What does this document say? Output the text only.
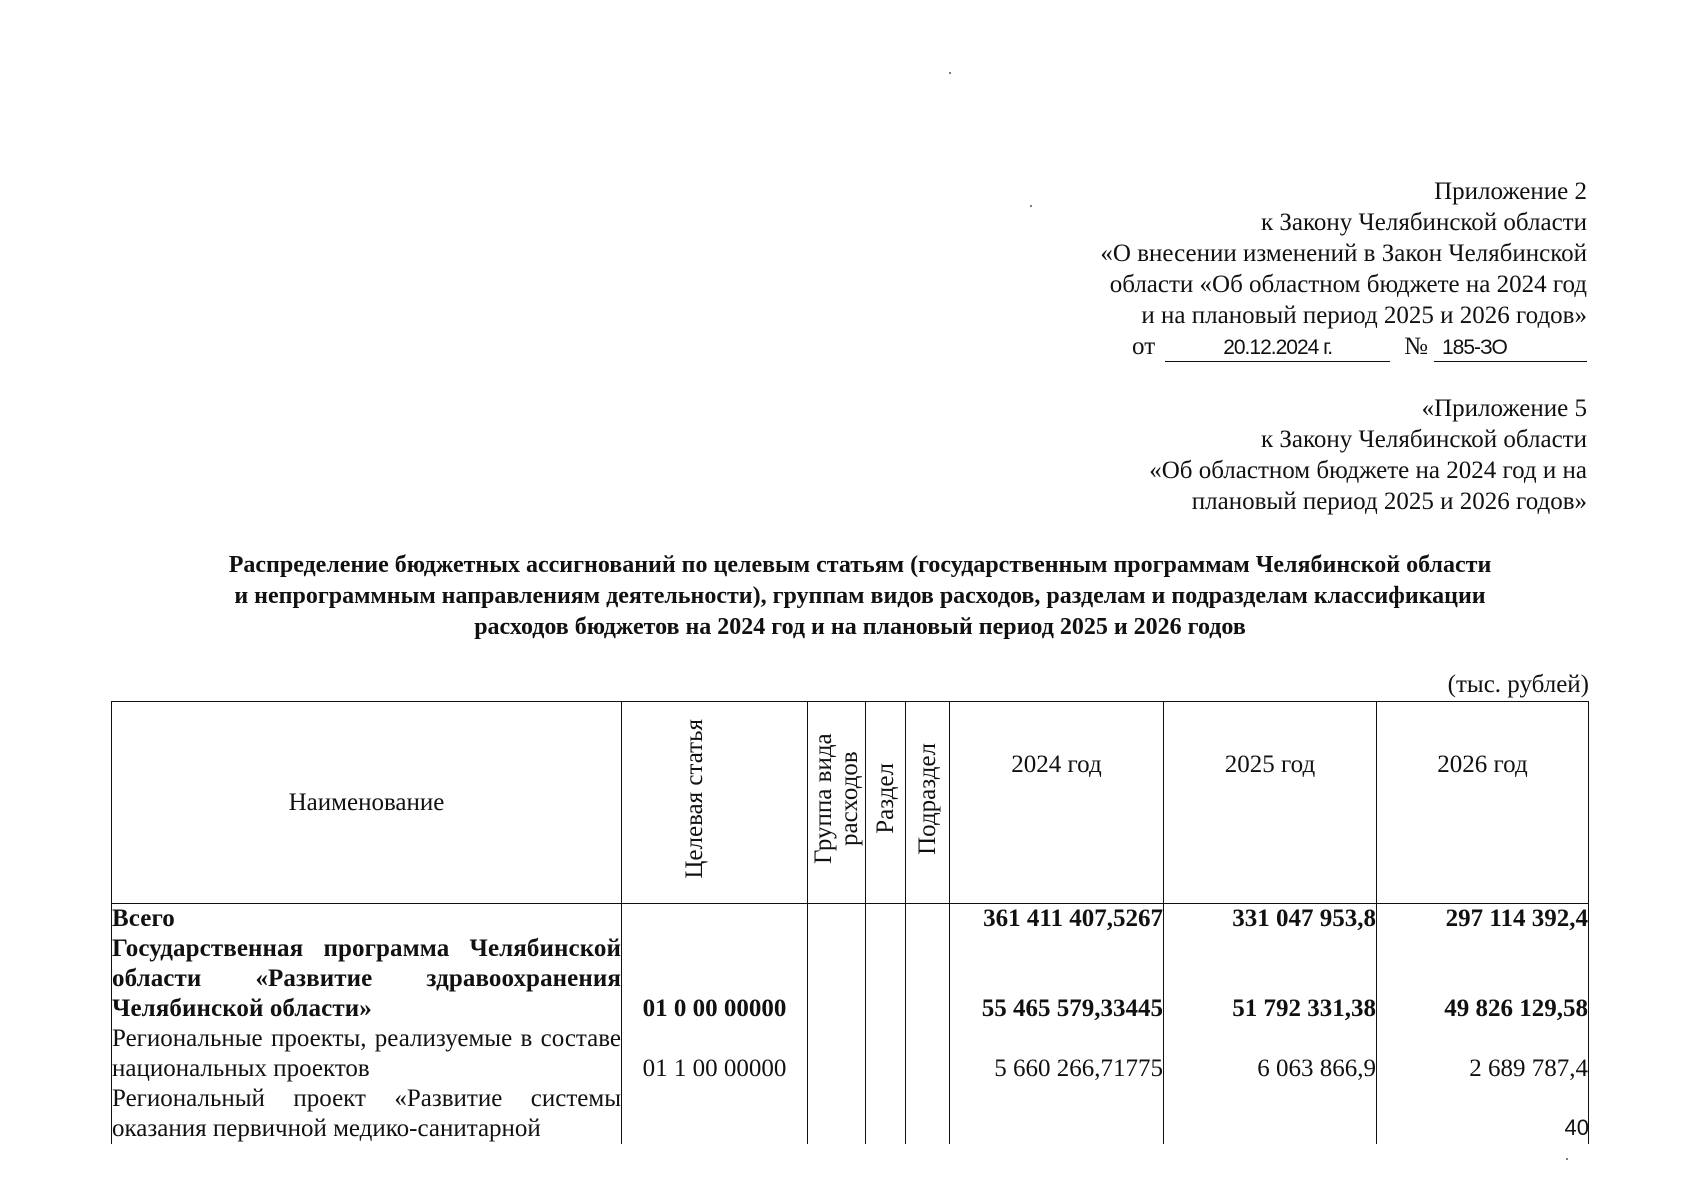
Приложение 2
к Закону Челябинской области
«О внесении изменений в Закон Челябинской
области «Об областном бюджете на 2024 год
и на плановый период 2025 и 2026 годов»
от	20.12.2024 г.	№ 185-ЗО
«Приложение 5
к Закону Челябинской области
«Об областном бюджете на 2024 год и на
плановый период 2025 и 2026 годов»
Распределение бюджетных ассигнований по целевым статьям (государственным программам Челябинской области
и непрограммным направлениям деятельности), группам видов расходов, разделам и подразделам классификации
расходов бюджетов на 2024 год и на плановый период 2025 и 2026 годов
(тыс. рублей)
Наименование	Целевая статья	Группа вида расходов	Раздел	Подраздел	2024 год	2025 год	2026 год
Всего					361 411 407,5267	331 047 953,8	297 114 392,4
Государственная программа Челябинской области «Развитие здравоохранения Челябинской области»	01 0 00 00000				55 465 579,33445	51 792 331,38	49 826 129,58
Региональные проекты, реализуемые в составе национальных проектов	01 1 00 00000				5 660 266,71775	6 063 866,9	2 689 787,4
Региональный проект «Развитие системы оказания первичной медико-санитарной								40
